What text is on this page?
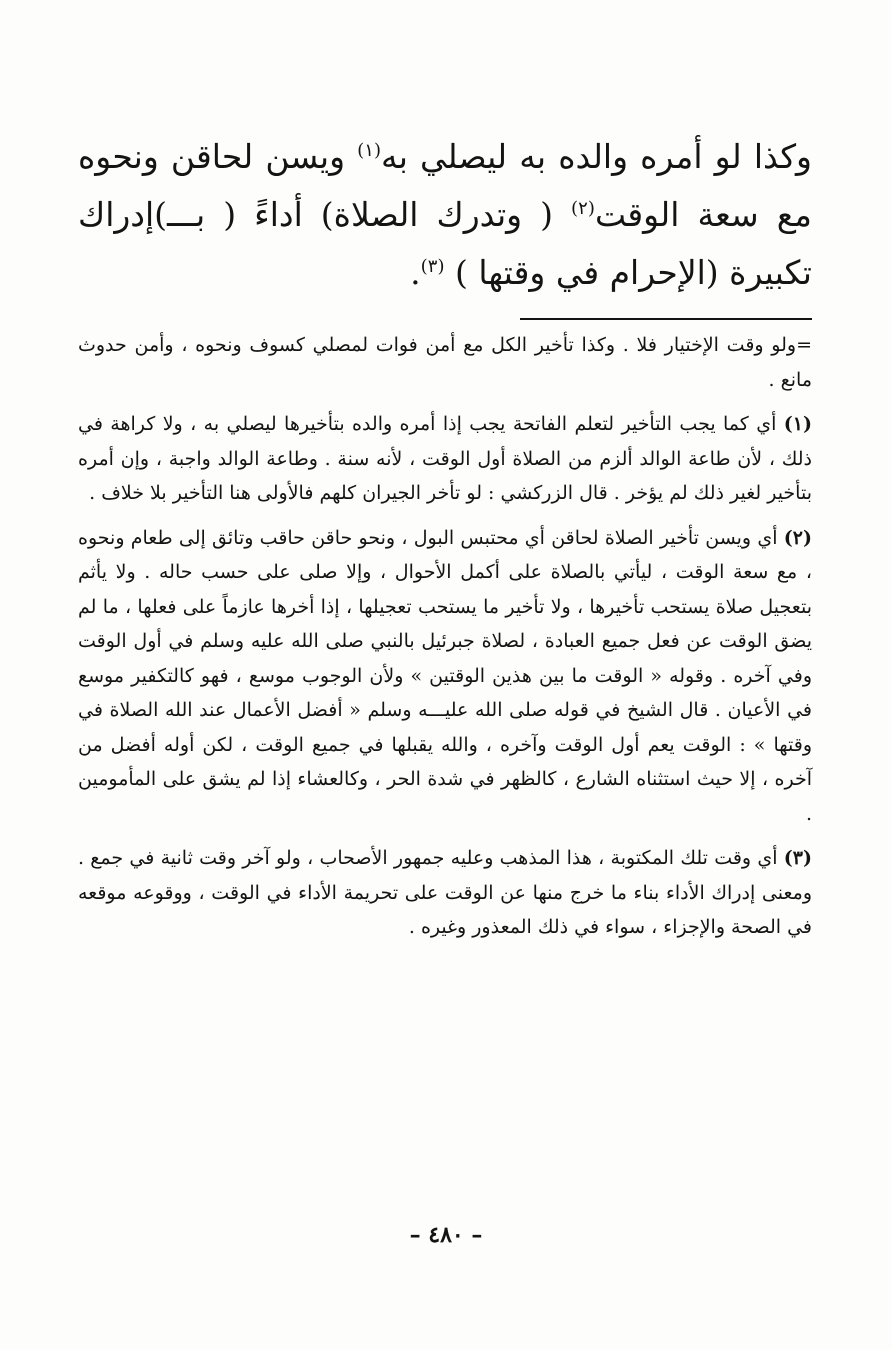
وكذا لو أمره والده به ليصلي به$^{(١)}$ ويسن لحاقن ونحوه مع سعة الوقت$^{(٢)}$ ( وتدرك الصلاة) أداءً ( بـــ)إدراك تكبيرة (الإحرام في وقتها ) $^{(٣)}$.

=ولو وقت الإختيار فلا . وكذا تأخير الكل مع أمن فوات لمصلي كسوف ونحوه ، وأمن حدوث مانع .

(١) أي كما يجب التأخير لتعلم الفاتحة يجب إذا أمره والده بتأخيرها ليصلي به ، ولا كراهة في ذلك ، لأن طاعة الوالد ألزم من الصلاة أول الوقت ، لأنه سنة . وطاعة الوالد واجبة ، وإن أمره بتأخير لغير ذلك لم يؤخر . قال الزركشي : لو تأخر الجيران كلهم فالأولى هنا التأخير بلا خلاف .

(٢) أي ويسن تأخير الصلاة لحاقن أي محتبس البول ، ونحو حاقن حاقب وتائق إلى طعام ونحوه ، مع سعة الوقت ، ليأتي بالصلاة على أكمل الأحوال ، وإلا صلى على حسب حاله . ولا يأثم بتعجيل صلاة يستحب تأخيرها ، ولا تأخير ما يستحب تعجيلها ، إذا أخرها عازماً على فعلها ، ما لم يضق الوقت عن فعل جميع العبادة ، لصلاة جبرئيل بالنبي صلى الله عليه وسلم في أول الوقت وفي آخره . وقوله « الوقت ما بين هذين الوقتين » ولأن الوجوب موسع ، فهو كالتكفير موسع في الأعيان . قال الشيخ في قوله صلى الله عليـــه وسلم « أفضل الأعمال عند الله الصلاة في وقتها » : الوقت يعم أول الوقت وآخره ، والله يقبلها في جميع الوقت ، لكن أوله أفضل من آخره ، إلا حيث استثناه الشارع ، كالظهر في شدة الحر ، وكالعشاء إذا لم يشق على المأمومين .

(٣) أي وقت تلك المكتوبة ، هذا المذهب وعليه جمهور الأصحاب ، ولو آخر وقت ثانية في جمع . ومعنى إدراك الأداء بناء ما خرج منها عن الوقت على تحريمة الأداء في الوقت ، ووقوعه موقعه في الصحة والإجزاء ، سواء في ذلك المعذور وغيره .

– ٤٨٠ –
